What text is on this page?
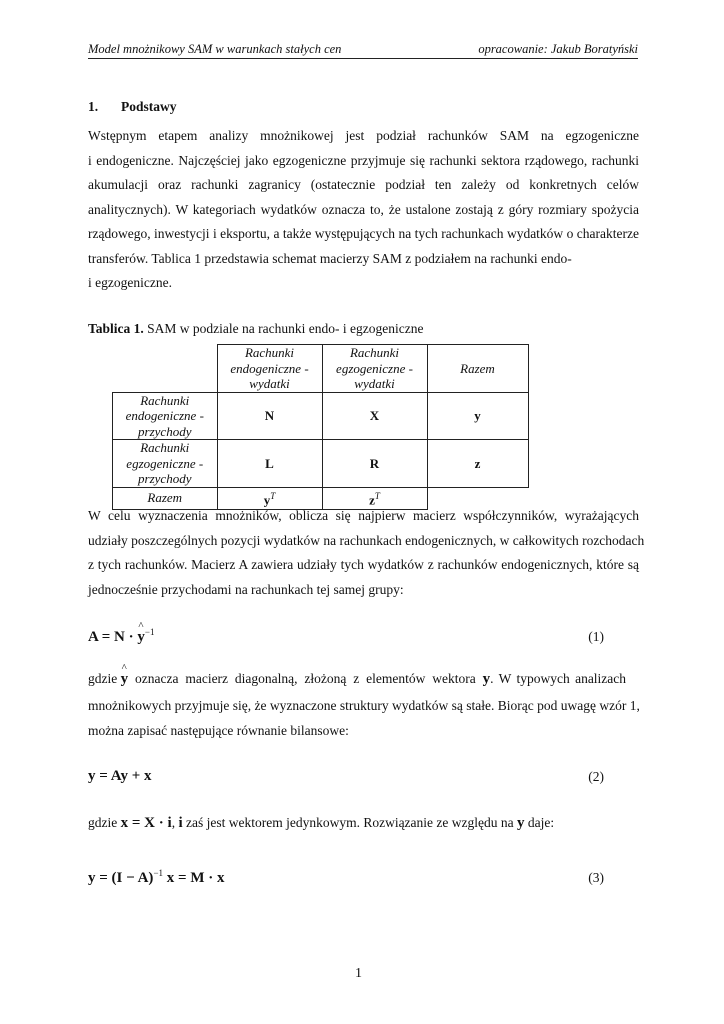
Model mnożnikowy SAM w warunkach stałych cen	opracowanie: Jakub Boratyński
1. Podstawy
Wstępnym etapem analizy mnożnikowej jest podział rachunków SAM na egzogeniczne
i endogeniczne. Najczęściej jako egzogeniczne przyjmuje się rachunki sektora rządowego, rachunki
akumulacji oraz rachunki zagranicy (ostatecznie podział ten zależy od konkretnych celów
analitycznych). W kategoriach wydatków oznacza to, że ustalone zostają z góry rozmiary spożycia
rządowego, inwestycji i eksportu, a także występujących na tych rachunkach wydatków o charakterze
transferów. Tablica 1 przedstawia schemat macierzy SAM z podziałem na rachunki endo-
i egzogeniczne.
Tablica 1. SAM w podziale na rachunki endo- i egzogeniczne
	Rachunki endogeniczne - wydatki	Rachunki egzogeniczne - wydatki	Razem
Rachunki endogeniczne - przychody	N	X	y
Rachunki egzogeniczne - przychody	L	R	z
Razem	$y^T$	$z^T$	
W celu wyznaczenia mnożników, oblicza się najpierw macierz współczynników, wyrażających
udziały poszczególnych pozycji wydatków na rachunkach endogenicznych, w całkowitych rozchodach
z tych rachunków. Macierz A zawiera udziały tych wydatków z rachunków endogenicznych, które są
jednocześnie przychodami na rachunkach tej samej grupy:
A = N · ^ $y^{-1}$	(1)
gdzie ^ y oznacza macierz diagonalną, złożoną z elementów wektora y. W typowych analizach
mnożnikowych przyjmuje się, że wyznaczone struktury wydatków są stałe. Biorąc pod uwagę wzór 1,
można zapisać następujące równanie bilansowe:
y = Ay + x	(2)
gdzie x = X · i, i zaś jest wektorem jedynkowym. Rozwiązanie ze względu na y daje:
$y = (I - A)^{-1}$ x = M · x	(3)
1
